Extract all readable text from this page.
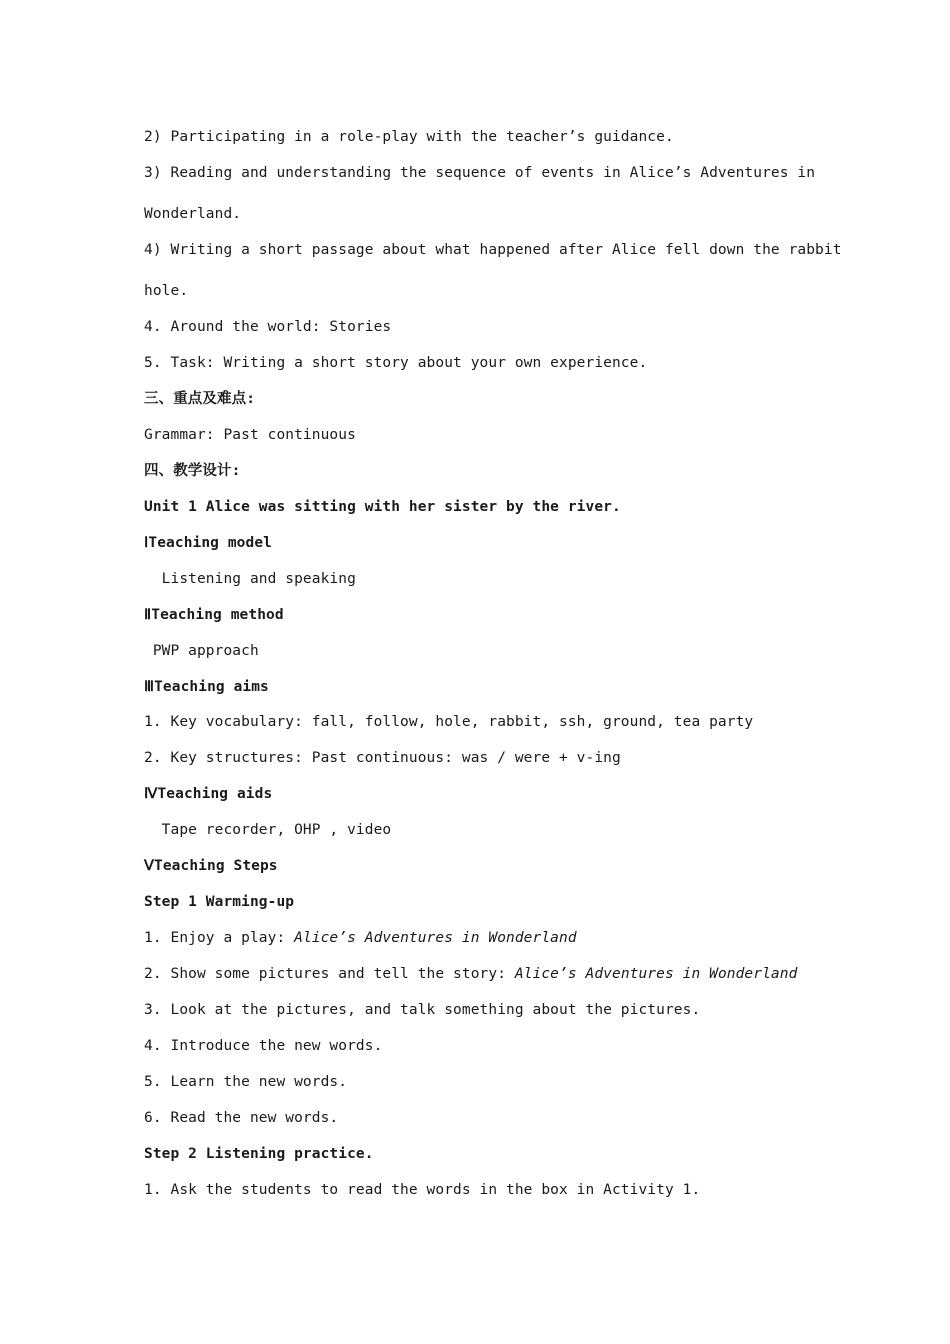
2) Participating in a role-play with the teacher’s guidance.
3) Reading and understanding the sequence of events in Alice’s Adventures in
Wonderland.
4) Writing a short passage about what happened after Alice fell down the rabbit
hole.
4. Around the world: Stories
5. Task: Writing a short story about your own experience.
三、重点及难点:
Grammar: Past continuous
四、教学设计:
Unit 1 Alice was sitting with her sister by the river.
ⅠTeaching model
Listening and speaking
ⅡTeaching method
PWP approach
ⅢTeaching aims
1. Key vocabulary: fall, follow, hole, rabbit, ssh, ground, tea party
2. Key structures: Past continuous: was / were + v-ing
ⅣTeaching aids
Tape recorder, OHP , video
ⅤTeaching Steps
Step 1 Warming-up
1. Enjoy a play: Alice’s Adventures in Wonderland
2. Show some pictures and tell the story: Alice’s Adventures in Wonderland
3. Look at the pictures, and talk something about the pictures.
4. Introduce the new words.
5. Learn the new words.
6. Read the new words.
Step 2 Listening practice.
1. Ask the students to read the words in the box in Activity 1.
